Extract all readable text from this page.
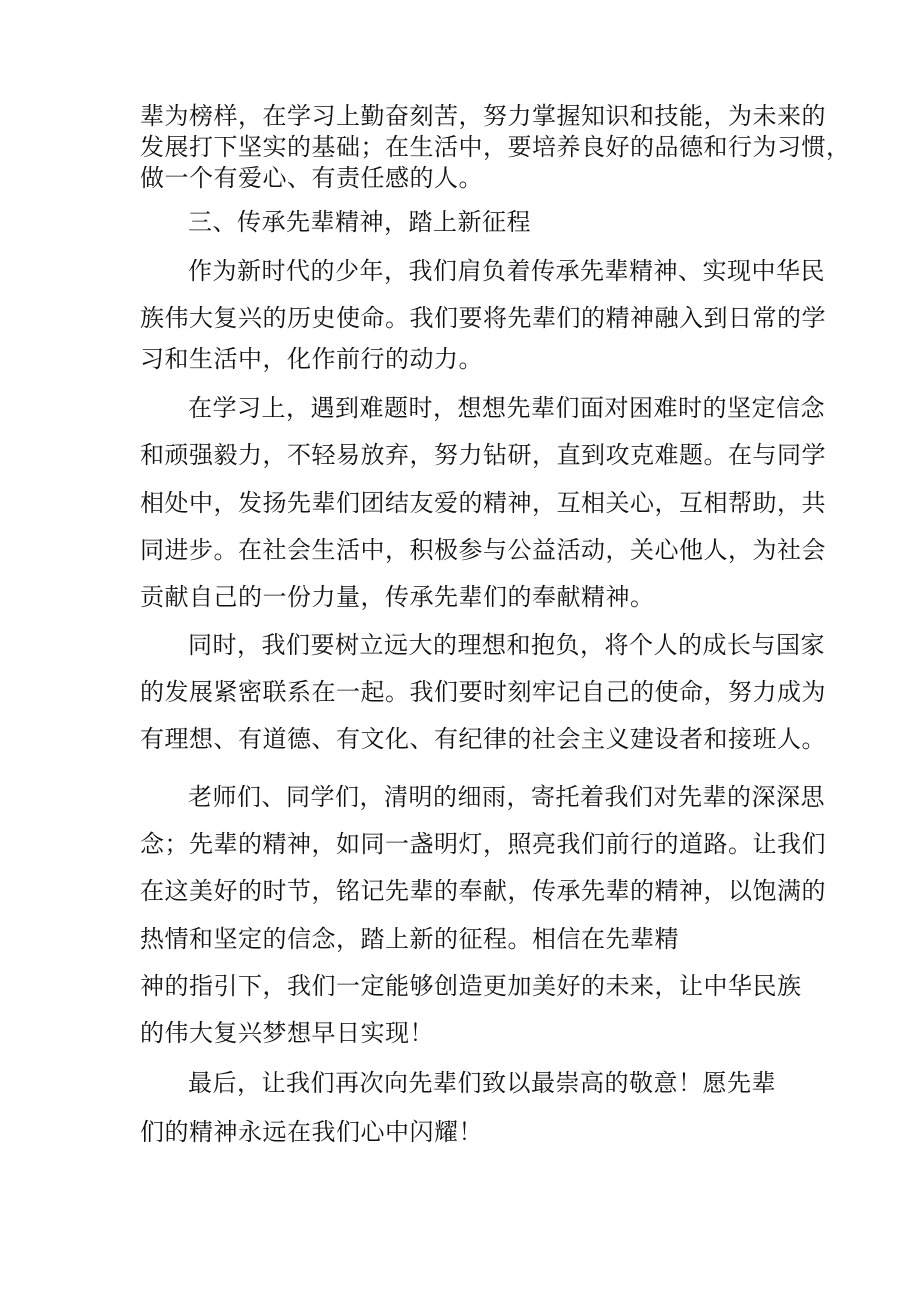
辈为榜样，在学习上勤奋刻苦，努力掌握知识和技能，为未来的
发展打下坚实的基础；在生活中，要培养良好的品德和行为习惯，
做一个有爱心、有责任感的人。
三、传承先辈精神，踏上新征程
作为新时代的少年，我们肩负着传承先辈精神、实现中华民
族伟大复兴的历史使命。我们要将先辈们的精神融入到日常的学
习和生活中，化作前行的动力。
在学习上，遇到难题时，想想先辈们面对困难时的坚定信念
和顽强毅力，不轻易放弃，努力钻研，直到攻克难题。在与同学
相处中，发扬先辈们团结友爱的精神，互相关心，互相帮助，共
同进步。在社会生活中，积极参与公益活动，关心他人，为社会
贡献自己的一份力量，传承先辈们的奉献精神。
同时，我们要树立远大的理想和抱负，将个人的成长与国家
的发展紧密联系在一起。我们要时刻牢记自己的使命，努力成为
有理想、有道德、有文化、有纪律的社会主义建设者和接班人。
老师们、同学们，清明的细雨，寄托着我们对先辈的深深思
念；先辈的精神，如同一盏明灯，照亮我们前行的道路。让我们
在这美好的时节，铭记先辈的奉献，传承先辈的精神，以饱满的
热情和坚定的信念，踏上新的征程。相信在先辈精
神的指引下，我们一定能够创造更加美好的未来，让中华民族
的伟大复兴梦想早日实现！
最后，让我们再次向先辈们致以最崇高的敬意！愿先辈
们的精神永远在我们心中闪耀！
